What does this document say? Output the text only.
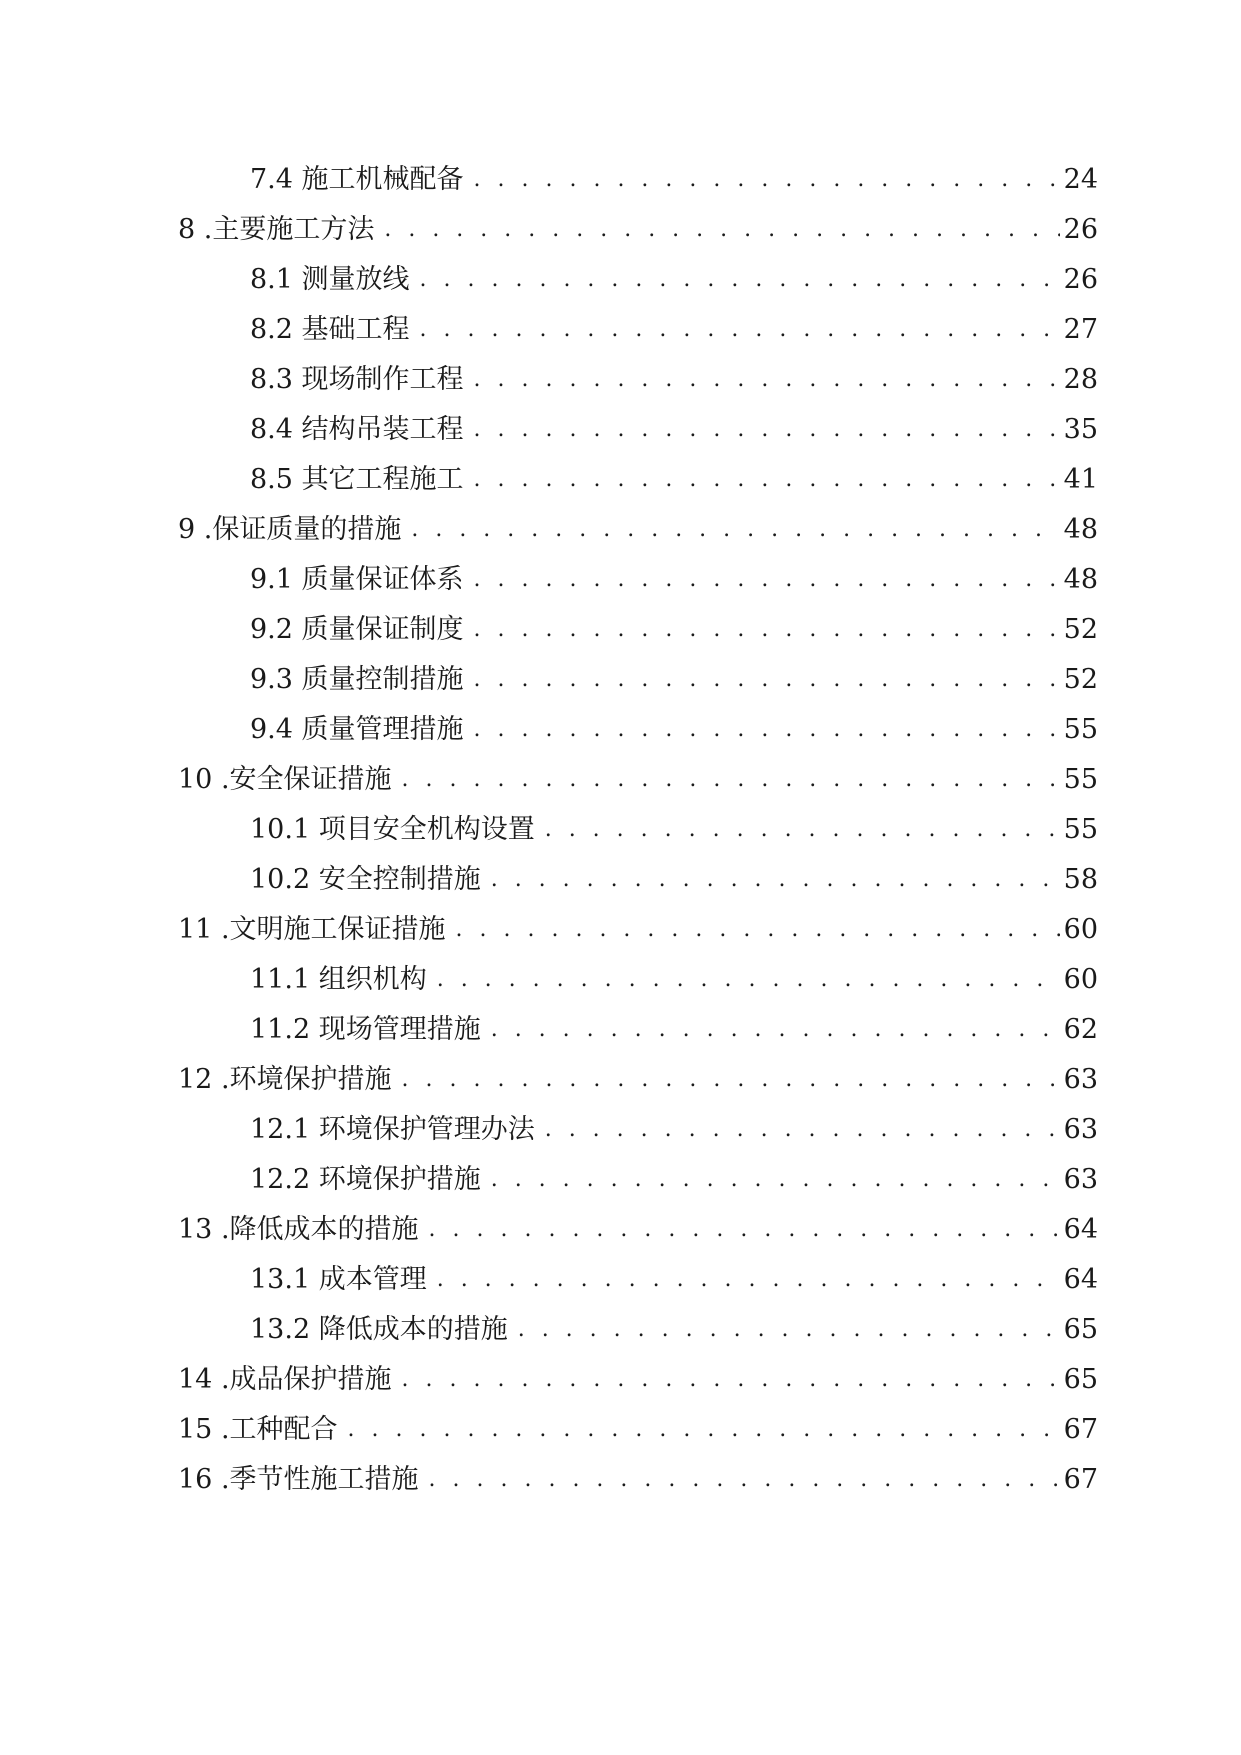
7.4 施工机械配备 . . .	24
8 .主要施工方法 . . .	26
8.1 测量放线 . . .	26
8.2 基础工程 . . .	27
8.3 现场制作工程 . . .	28
8.4 结构吊装工程 . . .	35
8.5 其它工程施工 . . .	41
9 .保证质量的措施 . . .	48
9.1 质量保证体系 . . .	48
9.2 质量保证制度 . . .	52
9.3 质量控制措施 . . .	52
9.4 质量管理措施 . . .	55
10 .安全保证措施 . . .	55
10.1 项目安全机构设置 . . .	55
10.2 安全控制措施 . . .	58
11 .文明施工保证措施 . . .	60
11.1 组织机构 . . .	60
11.2 现场管理措施 . . .	62
12 .环境保护措施 . . .	63
12.1 环境保护管理办法 . . .	63
12.2 环境保护措施 . . .	63
13 .降低成本的措施 . . .	64
13.1 成本管理 . . .	64
13.2 降低成本的措施 . . .	65
14 .成品保护措施 . . .	65
15 .工种配合 . . .	67
16 .季节性施工措施 . . .	67
